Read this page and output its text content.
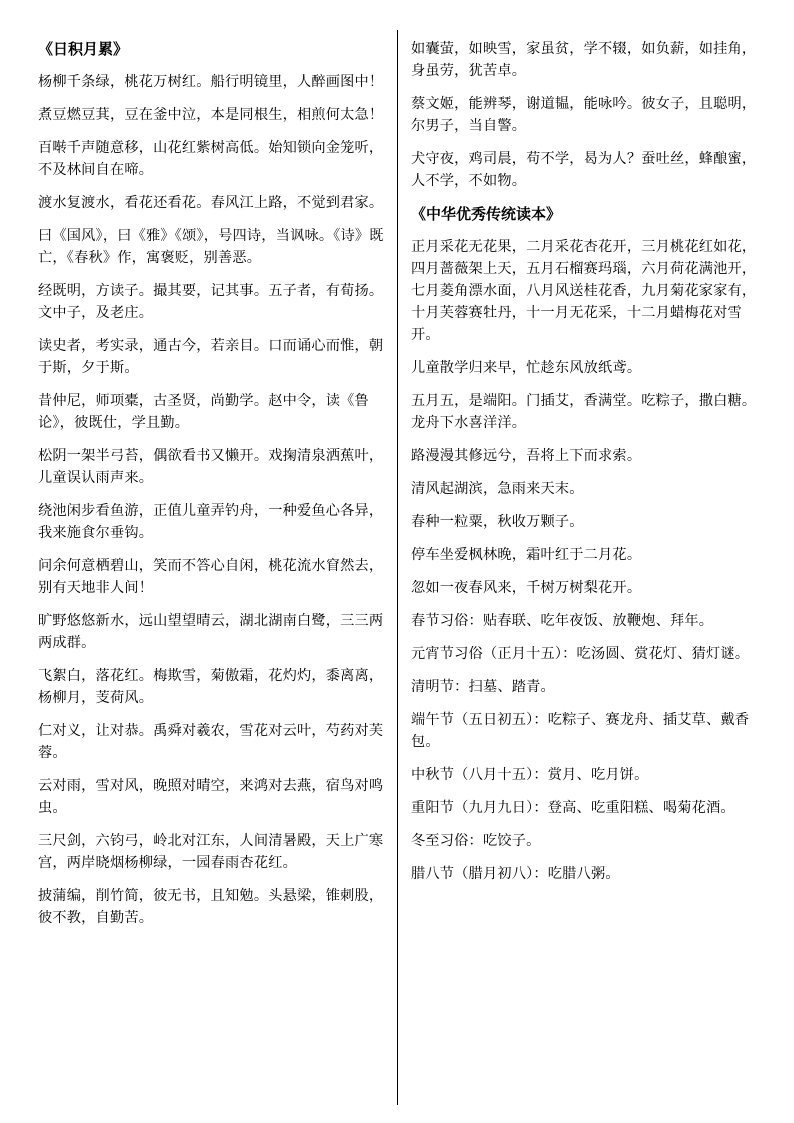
《日积月累》

杨柳千条绿，桃花万树红。船行明镜里，人醉画图中！

煮豆燃豆萁，豆在釜中泣，本是同根生，相煎何太急！

百啭千声随意移，山花红紫树高低。始知锁向金笼听，不及林间自在啼。

渡水复渡水，看花还看花。春风江上路，不觉到君家。

曰《国风》，曰《雅》《颂》，号四诗，当讽咏。《诗》既亡，《春秋》作，寓褒贬，别善恶。

经既明，方读子。撮其要，记其事。五子者，有荀扬。文中子，及老庄。

读史者，考实录，通古今，若亲目。口而诵心而惟，朝于斯，夕于斯。

昔仲尼，师项橐，古圣贤，尚勤学。赵中令，读《鲁论》，彼既仕，学且勤。

松阴一架半弓苔，偶欲看书又懒开。戏掬清泉洒蕉叶，儿童误认雨声来。

绕池闲步看鱼游，正值儿童弄钓舟，一种爱鱼心各异，我来施食尔垂钩。

问余何意栖碧山，笑而不答心自闲，桃花流水窅然去，别有天地非人间！

旷野悠悠新水，远山望望晴云，湖北湖南白鹭，三三两两成群。

飞絮白，落花红。梅欺雪，菊傲霜，花灼灼，黍离离，杨柳月，芰荷风。

仁对义，让对恭。禹舜对羲农，雪花对云叶，芍药对芙蓉。

云对雨，雪对风，晚照对晴空，来鸿对去燕，宿鸟对鸣虫。

三尺剑，六钧弓，岭北对江东，人间清暑殿，天上广寒宫，两岸晓烟杨柳绿，一园春雨杏花红。

披蒲编，削竹简，彼无书，且知勉。头悬梁，锥刺股，彼不教，自勤苦。

如囊萤，如映雪，家虽贫，学不辍，如负薪，如挂角，身虽劳，犹苦卓。

蔡文姬，能辨琴，谢道韫，能咏吟。彼女子，且聪明，尔男子，当自警。

犬守夜，鸡司晨，苟不学，曷为人？蚕吐丝，蜂酿蜜，人不学，不如物。

《中华优秀传统读本》

正月采花无花果，二月采花杏花开，三月桃花红如花，四月蔷薇架上天，五月石榴赛玛瑙，六月荷花满池开，七月菱角漂水面，八月风送桂花香，九月菊花家家有，十月芙蓉赛牡丹，十一月无花采，十二月蜡梅花对雪开。

儿童散学归来早，忙趁东风放纸鸢。

五月五，是端阳。门插艾，香满堂。吃粽子，撒白糖。龙舟下水喜洋洋。

路漫漫其修远兮，吾将上下而求索。

清风起湖滨，急雨来天末。

春种一粒粟，秋收万颗子。

停车坐爱枫林晚，霜叶红于二月花。

忽如一夜春风来，千树万树梨花开。

春节习俗：贴春联、吃年夜饭、放鞭炮、拜年。

元宵节习俗（正月十五）：吃汤圆、赏花灯、猜灯谜。

清明节：扫墓、踏青。

端午节（五日初五）：吃粽子、赛龙舟、插艾草、戴香包。

中秋节（八月十五）：赏月、吃月饼。

重阳节（九月九日）：登高、吃重阳糕、喝菊花酒。

冬至习俗：吃饺子。

腊八节（腊月初八）：吃腊八粥。
